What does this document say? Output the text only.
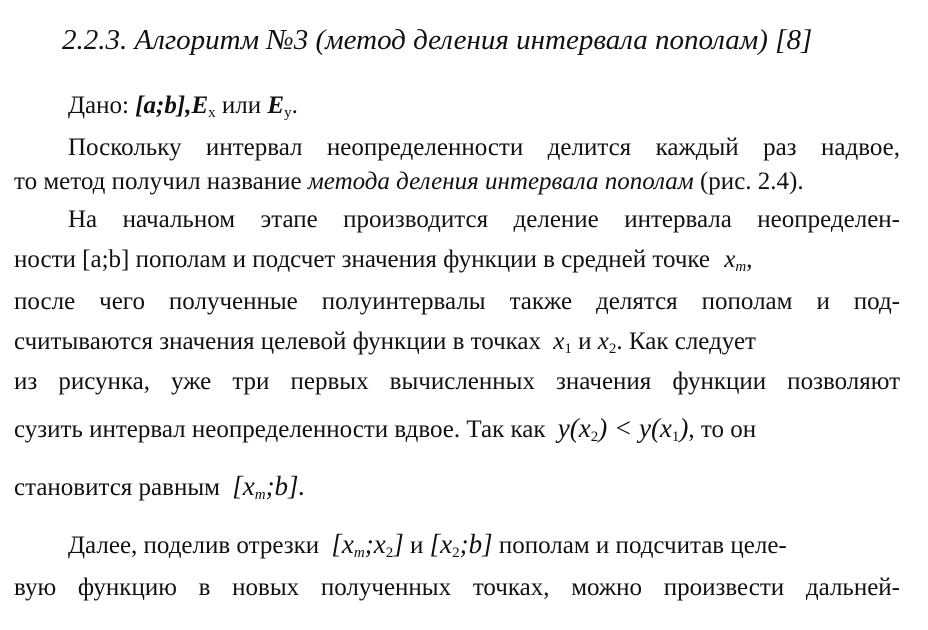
2.2.3. Алгоритм №3 (метод деления интервала пополам) [8]
Дано: $[a;b],E_x$ или $E_y$.
Поскольку интервал неопределенности делится каждый раз надвое,
то метод получил название метода деления интервала пополам (рис. 2.4).
На начальном этапе производится деление интервала неопределен-
ности [a;b] пополам и подсчет значения функции в средней точке $x_m$,
после чего полученные полуинтервалы также делятся пополам и под-
считываются значения целевой функции в точках $x_1$ и $x_2$. Как следует
из рисунка, уже три первых вычисленных значения функции позволяют
сузить интервал неопределенности вдвое. Так как $y(x_2) < y(x_1)$, то он
становится равным $[x_m;b]$.
Далее, поделив отрезки $[x_m;x_2]$ и $[x_2;b]$ пополам и подсчитав целе-
вую функцию в новых полученных точках, можно произвести дальней-
